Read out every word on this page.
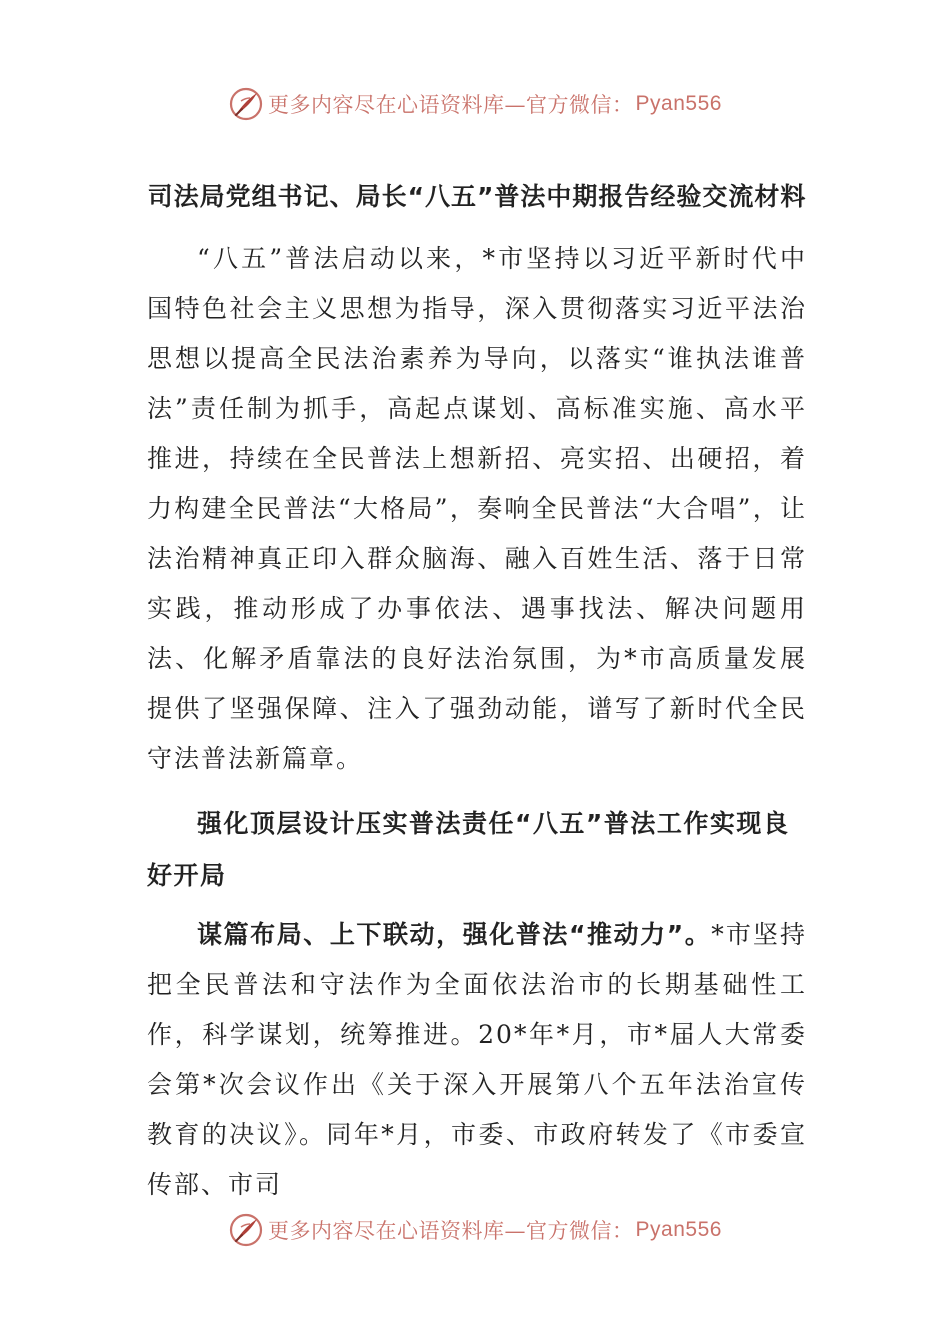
更多内容尽在心语资料库—官方微信： Pyan556
司法局党组书记、局长“八五”普法中期报告经验交流材料

“八五”普法启动以来，*市坚持以习近平新时代中国特色社会主义思想为指导，深入贯彻落实习近平法治思想以提高全民法治素养为导向，以落实“谁执法谁普法”责任制为抓手，高起点谋划、高标准实施、高水平推进，持续在全民普法上想新招、亮实招、出硬招，着力构建全民普法“大格局”，奏响全民普法“大合唱”，让法治精神真正印入群众脑海、融入百姓生活、落于日常实践，推动形成了办事依法、遇事找法、解决问题用法、化解矛盾靠法的良好法治氛围，为*市高质量发展提供了坚强保障、注入了强劲动能，谱写了新时代全民守法普法新篇章。

强化顶层设计压实普法责任“八五”普法工作实现良好开局

谋篇布局、上下联动，强化普法“推动力”。*市坚持把全民普法和守法作为全面依法治市的长期基础性工作，科学谋划，统筹推进。20*年*月，市*届人大常委会第*次会议作出《关于深入开展第八个五年法治宣传教育的决议》。同年*月，市委、市政府转发了《市委宣传部、市司

更多内容尽在心语资料库—官方微信： Pyan556
